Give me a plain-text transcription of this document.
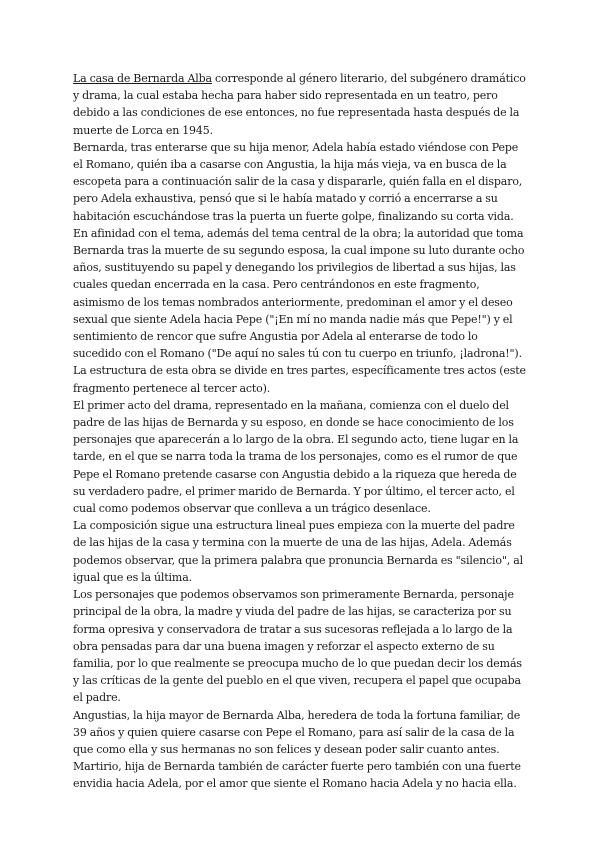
La casa de Bernarda Alba corresponde al género literario, del subgénero dramático y drama, la cual estaba hecha para haber sido representada en un teatro, pero debido a las condiciones de ese entonces, no fue representada hasta después de la muerte de Lorca en 1945.

Bernarda, tras enterarse que su hija menor, Adela había estado viéndose con Pepe el Romano, quién iba a casarse con Angustia, la hija más vieja, va en busca de la escopeta para a continuación salir de la casa y dispararle, quién falla en el disparo, pero Adela exhaustiva, pensó que si le había matado y corrió a encerrarse a su habitación escuchándose tras la puerta un fuerte golpe, finalizando su corta vida.

En afinidad con el tema, además del tema central de la obra; la autoridad que toma Bernarda tras la muerte de su segundo esposa, la cual impone su luto durante ocho años, sustituyendo su papel y denegando los privilegios de libertad a sus hijas, las cuales quedan encerrada en la casa. Pero centrándonos en este fragmento, asimismo de los temas nombrados anteriormente, predominan el amor y el deseo sexual que siente Adela hacia Pepe ("¡En mí no manda nadie más que Pepe!") y el sentimiento de rencor que sufre Angustia por Adela al enterarse de todo lo sucedido con el Romano ("De aquí no sales tú con tu cuerpo en triunfo, ¡ladrona!").

La estructura de esta obra se divide en tres partes, específicamente tres actos (este fragmento pertenece al tercer acto).

El primer acto del drama, representado en la mañana, comienza con el duelo del padre de las hijas de Bernarda y su esposo, en donde se hace conocimiento de los personajes que aparecerán a lo largo de la obra. El segundo acto, tiene lugar en la tarde, en el que se narra toda la trama de los personajes, como es el rumor de que Pepe el Romano pretende casarse con Angustia debido a la riqueza que hereda de su verdadero padre, el primer marido de Bernarda. Y por último, el tercer acto, el cual como podemos observar que conlleva a un trágico desenlace.

La composición sigue una estructura lineal pues empieza con la muerte del padre de las hijas de la casa y termina con la muerte de una de las hijas, Adela. Además podemos observar, que la primera palabra que pronuncia Bernarda es "silencio", al igual que es la última.

Los personajes que podemos observamos son primeramente Bernarda, personaje principal de la obra, la madre y viuda del padre de las hijas, se caracteriza por su forma opresiva y conservadora de tratar a sus sucesoras reflejada a lo largo de la obra pensadas para dar una buena imagen y reforzar el aspecto externo de su familia, por lo que realmente se preocupa mucho de lo que puedan decir los demás y las críticas de la gente del pueblo en el que viven, recupera el papel que ocupaba el padre.

Angustias, la hija mayor de Bernarda Alba, heredera de toda la fortuna familiar, de 39 años y quien quiere casarse con Pepe el Romano, para así salir de la casa de la que como ella y sus hermanas no son felices y desean poder salir cuanto antes.

Martirio, hija de Bernarda también de carácter fuerte pero también con una fuerte envidia hacia Adela, por el amor que siente el Romano hacia Adela y no hacia ella.
